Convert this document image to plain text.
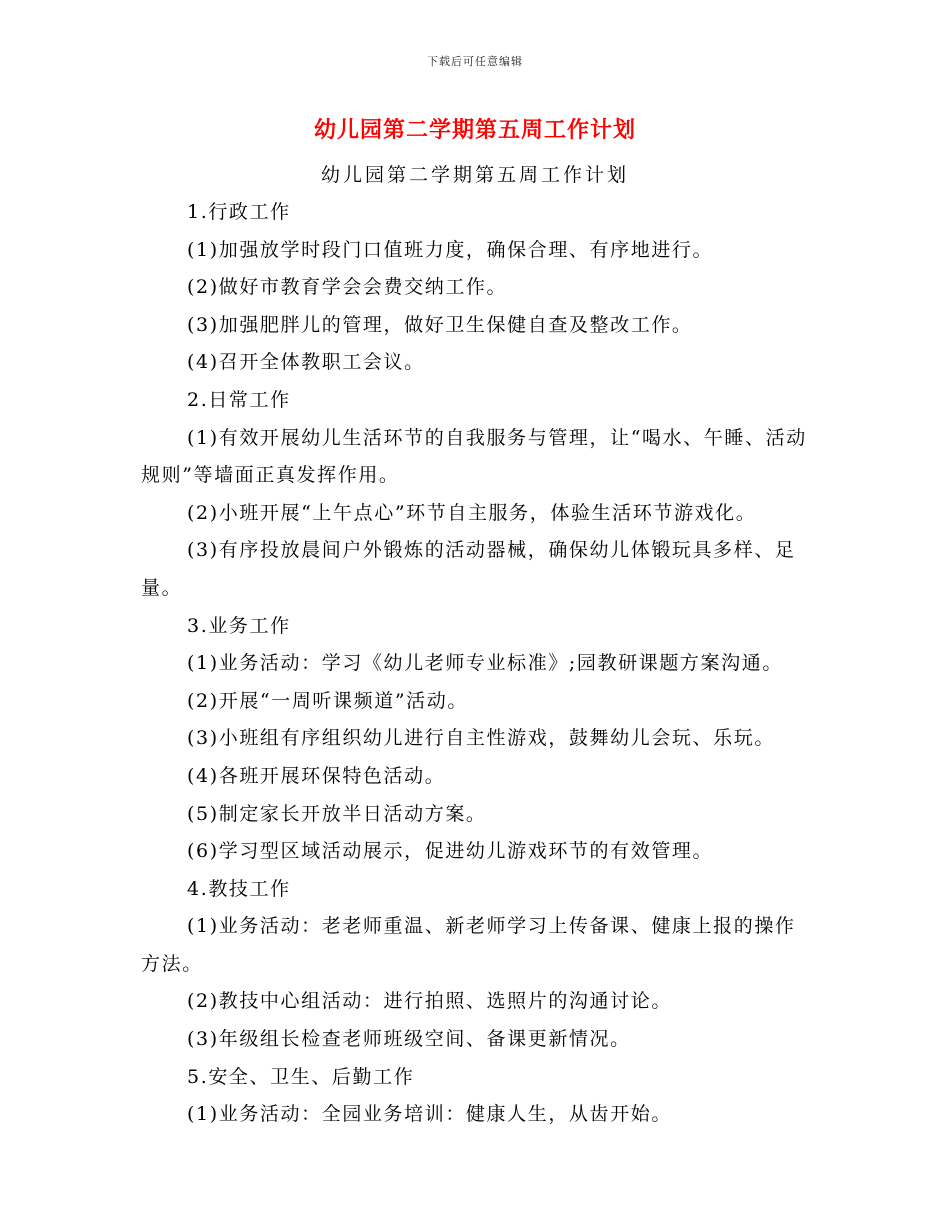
下载后可任意编辑
幼儿园第二学期第五周工作计划
幼儿园第二学期第五周工作计划

1.行政工作

(1)加强放学时段门口值班力度，确保合理、有序地进行。

(2)做好市教育学会会费交纳工作。

(3)加强肥胖儿的管理，做好卫生保健自查及整改工作。

(4)召开全体教职工会议。

2.日常工作

(1)有效开展幼儿生活环节的自我服务与管理，让“喝水、午睡、活动规则”等墙面正真发挥作用。

(2)小班开展“上午点心”环节自主服务，体验生活环节游戏化。

(3)有序投放晨间户外锻炼的活动器械，确保幼儿体锻玩具多样、足量。

3.业务工作

(1)业务活动：学习《幼儿老师专业标准》;园教研课题方案沟通。

(2)开展“一周听课频道”活动。

(3)小班组有序组织幼儿进行自主性游戏，鼓舞幼儿会玩、乐玩。

(4)各班开展环保特色活动。

(5)制定家长开放半日活动方案。

(6)学习型区域活动展示，促进幼儿游戏环节的有效管理。

4.教技工作

(1)业务活动：老老师重温、新老师学习上传备课、健康上报的操作方法。

(2)教技中心组活动：进行拍照、选照片的沟通讨论。

(3)年级组长检查老师班级空间、备课更新情况。

5.安全、卫生、后勤工作

(1)业务活动：全园业务培训：健康人生，从齿开始。
